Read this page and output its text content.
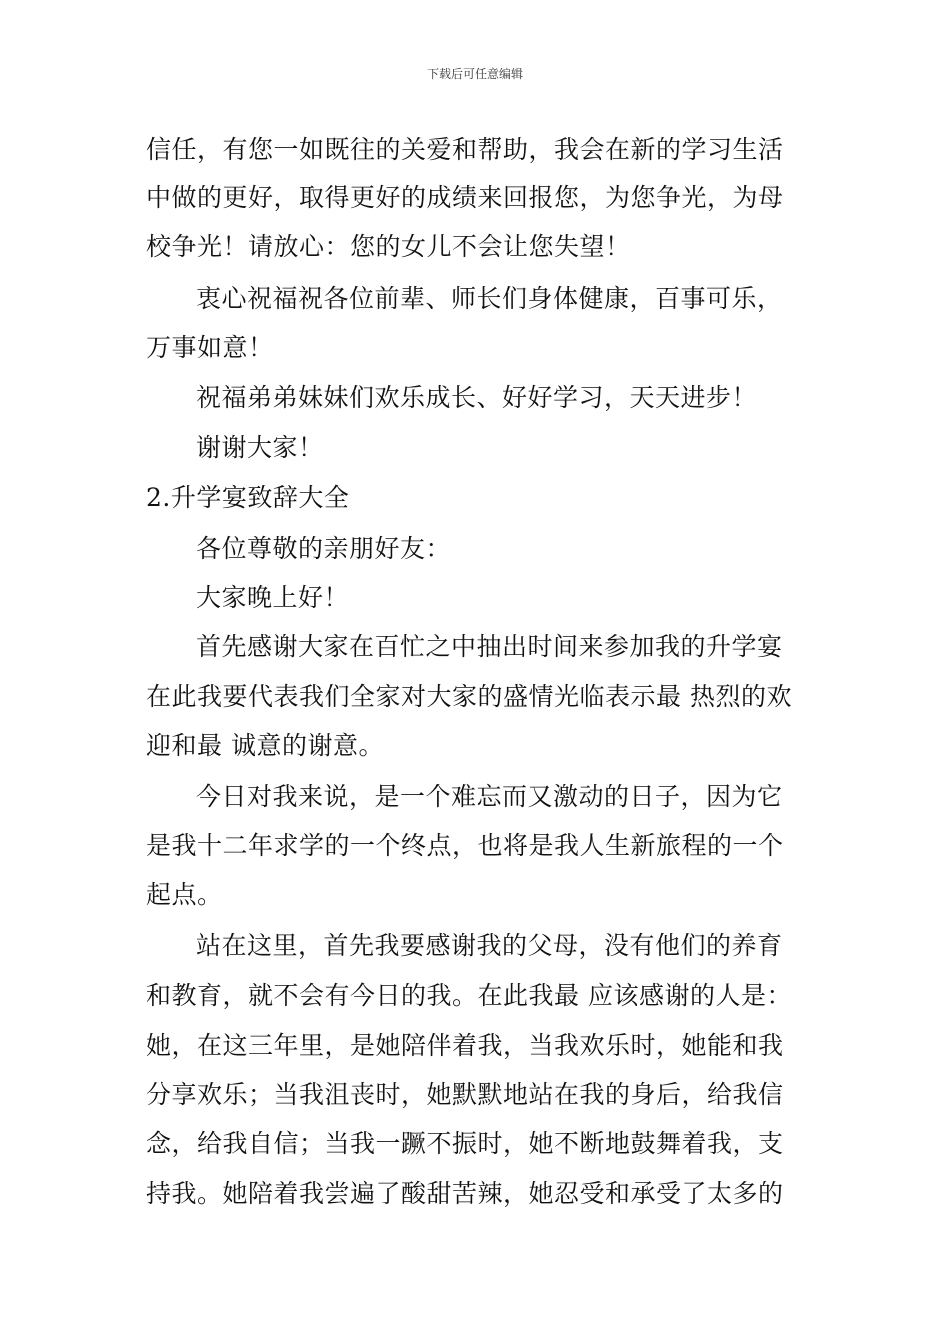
下载后可任意编辑
信任，有您一如既往的关爱和帮助，我会在新的学习生活
中做的更好，取得更好的成绩来回报您，为您争光，为母
校争光！请放心：您的女儿不会让您失望！
衷心祝福祝各位前辈、师长们身体健康，百事可乐，
万事如意！
祝福弟弟妹妹们欢乐成长、好好学习，天天进步！
谢谢大家！
2.升学宴致辞大全
各位尊敬的亲朋好友：
大家晚上好！
首先感谢大家在百忙之中抽出时间来参加我的升学宴
在此我要代表我们全家对大家的盛情光临表示最 热烈的欢
迎和最 诚意的谢意。
今日对我来说，是一个难忘而又激动的日子，因为它
是我十二年求学的一个终点，也将是我人生新旅程的一个
起点。
站在这里，首先我要感谢我的父母，没有他们的养育
和教育，就不会有今日的我。在此我最 应该感谢的人是：
她，在这三年里，是她陪伴着我，当我欢乐时，她能和我
分享欢乐；当我沮丧时，她默默地站在我的身后，给我信
念，给我自信；当我一蹶不振时，她不断地鼓舞着我，支
持我。她陪着我尝遍了酸甜苦辣，她忍受和承受了太多的
